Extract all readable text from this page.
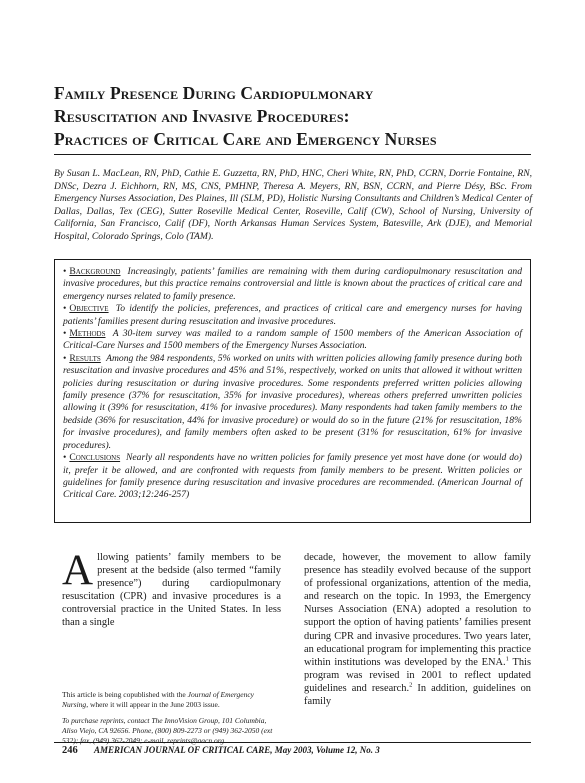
Family Presence During Cardiopulmonary
Resuscitation and Invasive Procedures:
Practices of Critical Care and Emergency Nurses

By Susan L. MacLean, RN, PhD, Cathie E. Guzzetta, RN, PhD, HNC, Cheri White, RN, PhD, CCRN, Dorrie Fontaine, RN, DNSc, Dezra J. Eichhorn, RN, MS, CNS, PMHNP, Theresa A. Meyers, RN, BSN, CCRN, and Pierre Désy, BSc. From Emergency Nurses Association, Des Plaines, Ill (SLM, PD), Holistic Nursing Consultants and Children’s Medical Center of Dallas, Dallas, Tex (CEG), Sutter Roseville Medical Center, Roseville, Calif (CW), School of Nursing, University of California, San Francisco, Calif (DF), North Arkansas Human Services System, Batesville, Ark (DJE), and Memorial Hospital, Colorado Springs, Colo (TAM).

• Background Increasingly, patients’ families are remaining with them during cardiopulmonary resuscitation and invasive procedures, but this practice remains controversial and little is known about the practices of critical care and emergency nurses related to family presence.

• Objective To identify the policies, preferences, and practices of critical care and emergency nurses for having patients’ families present during resuscitation and invasive procedures.

• Methods A 30-item survey was mailed to a random sample of 1500 members of the American Association of Critical-Care Nurses and 1500 members of the Emergency Nurses Association.

• Results Among the 984 respondents, 5% worked on units with written policies allowing family presence during both resuscitation and invasive procedures and 45% and 51%, respectively, worked on units that allowed it without written policies during resuscitation or during invasive procedures. Some respondents preferred written policies allowing family presence (37% for resuscitation, 35% for invasive procedures), whereas others preferred unwritten policies allowing it (39% for resuscitation, 41% for invasive procedures). Many respondents had taken family members to the bedside (36% for resuscitation, 44% for invasive procedure) or would do so in the future (21% for resuscitation, 18% for invasive procedures), and family members often asked to be present (31% for resuscitation, 61% for invasive procedures).

• Conclusions Nearly all respondents have no written policies for family presence yet most have done (or would do) it, prefer it be allowed, and are confronted with requests from family members to be present. Written policies or guidelines for family presence during resuscitation and invasive procedures are recommended. (American Journal of Critical Care. 2003;12:246-257)

Allowing patients’ family members to be present at the bedside (also termed “family presence”) during cardiopulmonary resuscitation (CPR) and invasive procedures is a controversial practice in the United States. In less than a single

This article is being copublished with the Journal of Emergency Nursing, where it will appear in the June 2003 issue.

To purchase reprints, contact The InnoVision Group, 101 Columbia, Aliso Viejo, CA 92656. Phone, (800) 809-2273 or (949) 362-2050 (ext 532); fax, (949) 362-2049; e-mail, reprints@aacn.org.

decade, however, the movement to allow family presence has steadily evolved because of the support of professional organizations, attention of the media, and research on the topic. In 1993, the Emergency Nurses Association (ENA) adopted a resolution to support the option of having patients’ families present during CPR and invasive procedures. Two years later, an educational program for implementing this practice within institutions was developed by the ENA.$^1$ This program was revised in 2001 to reflect updated guidelines and research.$^2$ In addition, guidelines on family

246 AMERICAN JOURNAL OF CRITICAL CARE, May 2003, Volume 12, No. 3
